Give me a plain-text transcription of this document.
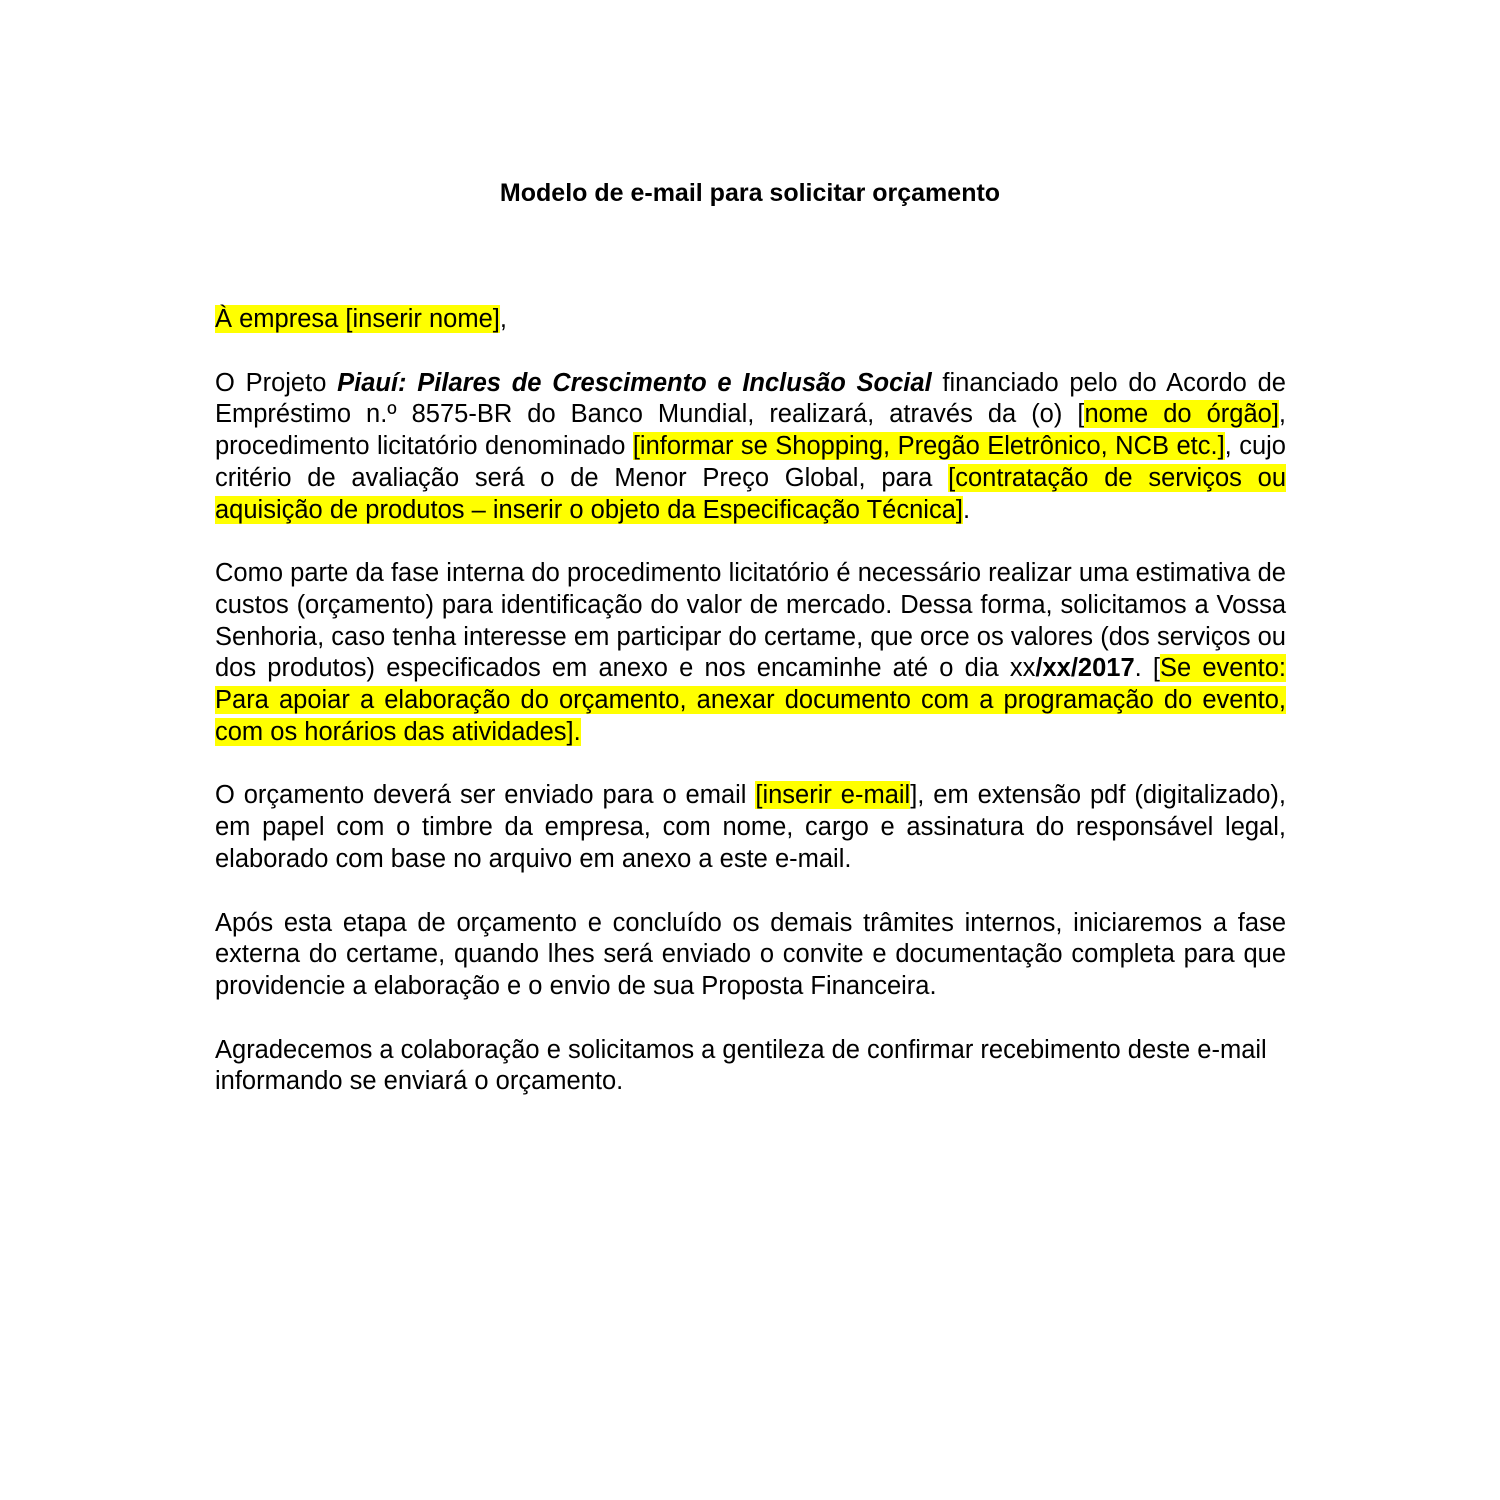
Modelo de e-mail para solicitar orçamento

À empresa [inserir nome],

O Projeto Piauí: Pilares de Crescimento e Inclusão Social financiado pelo do Acordo de Empréstimo n.º 8575-BR do Banco Mundial, realizará, através da (o) [nome do órgão], procedimento licitatório denominado [informar se Shopping, Pregão Eletrônico, NCB etc.], cujo critério de avaliação será o de Menor Preço Global, para [contratação de serviços ou aquisição de produtos – inserir o objeto da Especificação Técnica].

Como parte da fase interna do procedimento licitatório é necessário realizar uma estimativa de custos (orçamento) para identificação do valor de mercado. Dessa forma, solicitamos a Vossa Senhoria, caso tenha interesse em participar do certame, que orce os valores (dos serviços ou dos produtos) especificados em anexo e nos encaminhe até o dia xx/xx/2017. [Se evento: Para apoiar a elaboração do orçamento, anexar documento com a programação do evento, com os horários das atividades].

O orçamento deverá ser enviado para o email [inserir e-mail], em extensão pdf (digitalizado), em papel com o timbre da empresa, com nome, cargo e assinatura do responsável legal, elaborado com base no arquivo em anexo a este e-mail.

Após esta etapa de orçamento e concluído os demais trâmites internos, iniciaremos a fase externa do certame, quando lhes será enviado o convite e documentação completa para que providencie a elaboração e o envio de sua Proposta Financeira.

Agradecemos a colaboração e solicitamos a gentileza de confirmar recebimento deste e-mail informando se enviará o orçamento.
